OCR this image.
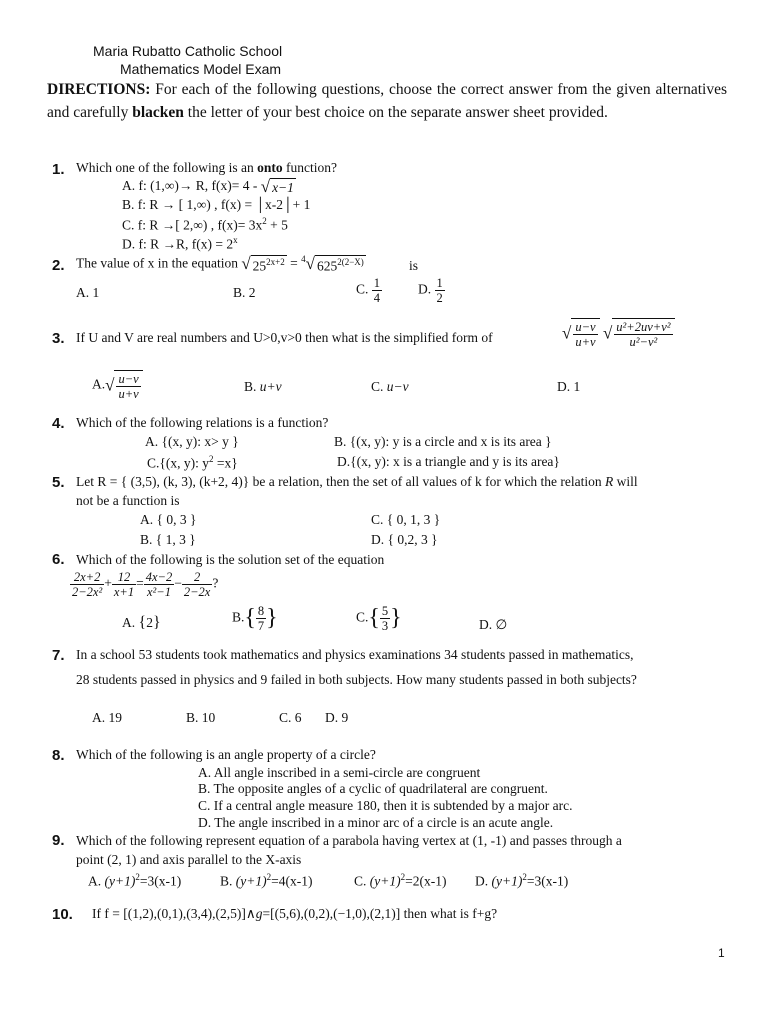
Maria Rubatto Catholic School
Mathematics Model Exam
DIRECTIONS: For each of the following questions, choose the correct answer from the given alternatives and carefully blacken the letter of your best choice on the separate answer sheet provided.
1. Which one of the following is an onto function?
A. f: (1,∞)→ R, f(x)= 4 - √ x−1
B. f: R → [ 1,∞) , f(x) = │x-2│+ 1
C. f: R →[ 2,∞) , $f(x)= 3x^2 + 5$
D. f: R →R, $f(x) = 2^x$
2. The value of x in the equation √ $25^{2x+2} = ^4√$ $625^{2(2-X)}$	is
A. 1	B. 2	C. $\frac{1}{4}$	D. $\frac{1}{2}$
3. If U and V are real numbers and U>0,v>0 then what is the simplified form of	√ $\frac{u-v}{u+v}$ √ $\frac{\text{u²+2uv+v²}}{\text{u²−v²}}$
$A.√ \frac{u-v}{u+v}$	B. u+v	C. u−v	D. 1
4. Which of the following relations is a function?
A. {(x, y): x> y }	B. {(x, y): y is a circle and x is its area }
C.{(x, y): $y^2 =x$}	D.{(x, y): x is a triangle and y is its area}
5. Let R = { (3,5), (k, 3), (k+2, 4)} be a relation, then the set of all values of k for which the relation R will
not be a function is
A. { 0, 3 }
B. { 1, 3 }
C. { 0, 1, 3 }
D. { 0,2, 3 }
6. Which of the following is the solution set of the equation
$\frac{2x+2}{\text{2−2x²}} + \frac{12}{x+1} = \frac{4x-2}{\text{x²−1}} - \frac{2}{2-2x}$ ?
A. {2}	$B.\{ \frac{8}{7}$ }	$C.\{ \frac{5}{3}$ }	D. ∅
7. In a school 53 students took mathematics and physics examinations 34 students passed in mathematics,
28 students passed in physics and 9 failed in both subjects. How many students passed in both subjects?
A. 19	B. 10	C. 6 D. 9
8. Which of the following is an angle property of a circle?
A. All angle inscribed in a semi-circle are congruent
B. The opposite angles of a cyclic of quadrilateral are congruent.
C. If a central angle measure 180, then it is subtended by a major arc.
D. The angle inscribed in a minor arc of a circle is an acute angle.
9. Which of the following represent equation of a parabola having vertex at (1, -1) and passes through a
point (2, 1) and axis parallel to the X-axis
A. $(y+1)^2=3(x-1)$	B. $(y+1)^2=4(x-1)$	C. $(y+1)^2=2(x-1)$ D. $(y+1)^2=3(x-1)$
10. If f = [(1,2),(0,1),(3,4),(2,5)]∧g=[(5,6),(0,2),(−1,0),(2,1)] then what is f+g?
1
